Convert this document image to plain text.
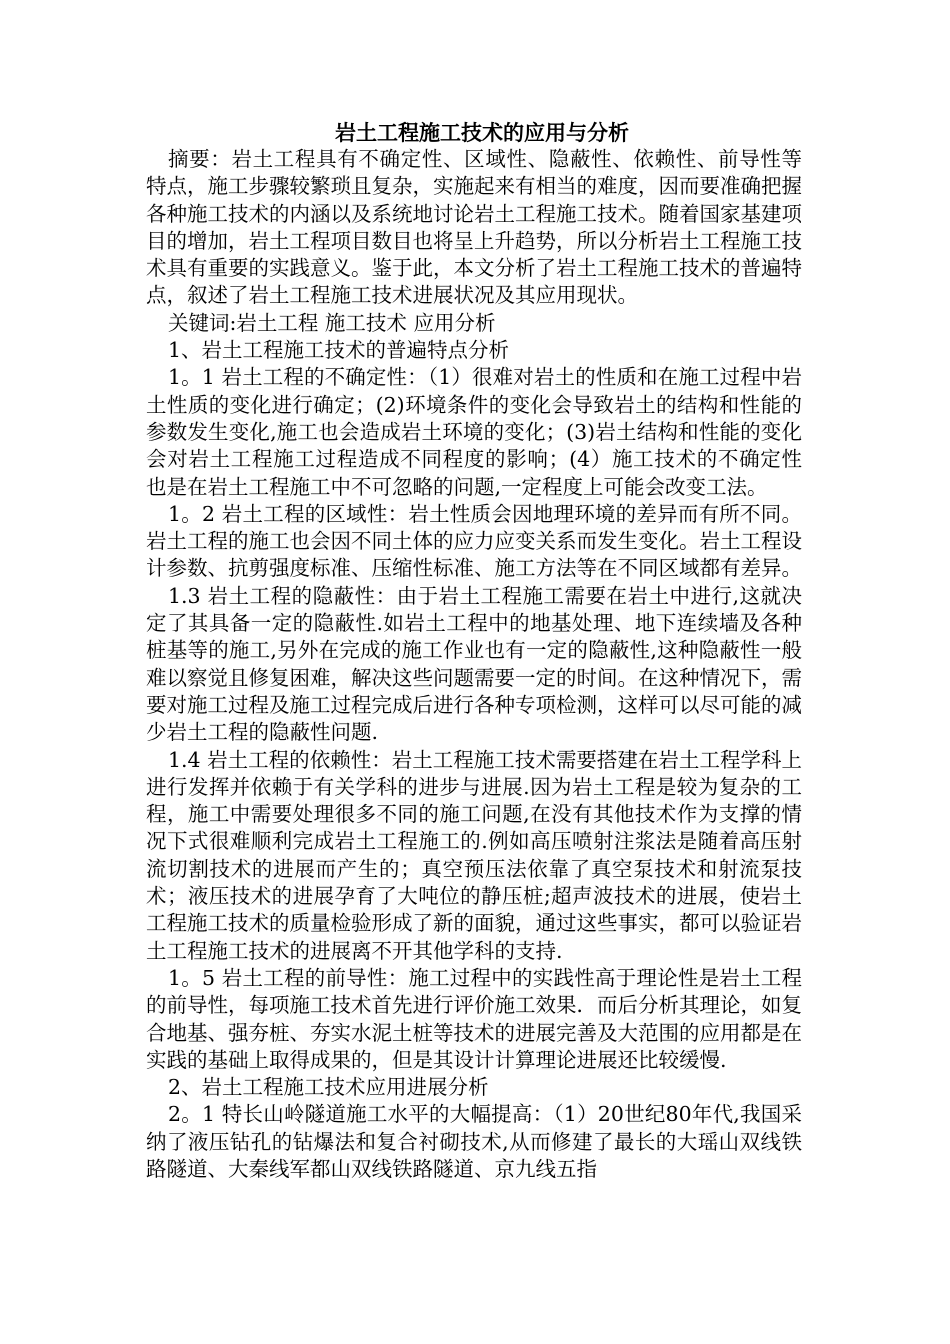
岩土工程施工技术的应用与分析

摘要：岩土工程具有不确定性、区域性、隐蔽性、依赖性、前导性等特点，施工步骤较繁琐且复杂，实施起来有相当的难度，因而要准确把握各种施工技术的内涵以及系统地讨论岩土工程施工技术。随着国家基建项目的增加，岩土工程项目数目也将呈上升趋势，所以分析岩土工程施工技术具有重要的实践意义。鉴于此，本文分析了岩土工程施工技术的普遍特点，叙述了岩土工程施工技术进展状况及其应用现状。

关键词:岩土工程 施工技术 应用分析

1、岩土工程施工技术的普遍特点分析

1。1 岩土工程的不确定性：（1）很难对岩土的性质和在施工过程中岩土性质的变化进行确定；(2)环境条件的变化会导致岩土的结构和性能的参数发生变化,施工也会造成岩土环境的变化；(3)岩土结构和性能的变化会对岩土工程施工过程造成不同程度的影响；(4）施工技术的不确定性也是在岩土工程施工中不可忽略的问题,一定程度上可能会改变工法。

1。2 岩土工程的区域性：岩土性质会因地理环境的差异而有所不同。岩土工程的施工也会因不同土体的应力应变关系而发生变化。岩土工程设计参数、抗剪强度标准、压缩性标准、施工方法等在不同区域都有差异。

1.3 岩土工程的隐蔽性：由于岩土工程施工需要在岩土中进行,这就决定了其具备一定的隐蔽性.如岩土工程中的地基处理、地下连续墙及各种桩基等的施工,另外在完成的施工作业也有一定的隐蔽性,这种隐蔽性一般难以察觉且修复困难，解决这些问题需要一定的时间。在这种情况下，需要对施工过程及施工过程完成后进行各种专项检测，这样可以尽可能的减少岩土工程的隐蔽性问题.

1.4 岩土工程的依赖性：岩土工程施工技术需要搭建在岩土工程学科上进行发挥并依赖于有关学科的进步与进展.因为岩土工程是较为复杂的工程，施工中需要处理很多不同的施工问题,在没有其他技术作为支撑的情况下式很难顺利完成岩土工程施工的.例如高压喷射注浆法是随着高压射流切割技术的进展而产生的；真空预压法依靠了真空泵技术和射流泵技术；液压技术的进展孕育了大吨位的静压桩;超声波技术的进展，使岩土工程施工技术的质量检验形成了新的面貌，通过这些事实，都可以验证岩土工程施工技术的进展离不开其他学科的支持.

1。5 岩土工程的前导性：施工过程中的实践性高于理论性是岩土工程的前导性，每项施工技术首先进行评价施工效果．而后分析其理论，如复合地基、强夯桩、夯实水泥土桩等技术的进展完善及大范围的应用都是在实践的基础上取得成果的，但是其设计计算理论进展还比较缓慢.

2、岩土工程施工技术应用进展分析

2。1 特长山岭隧道施工水平的大幅提高：（1）20世纪80年代,我国采纳了液压钻孔的钻爆法和复合衬砌技术,从而修建了最长的大瑶山双线铁路隧道、大秦线军都山双线铁路隧道、京九线五指
